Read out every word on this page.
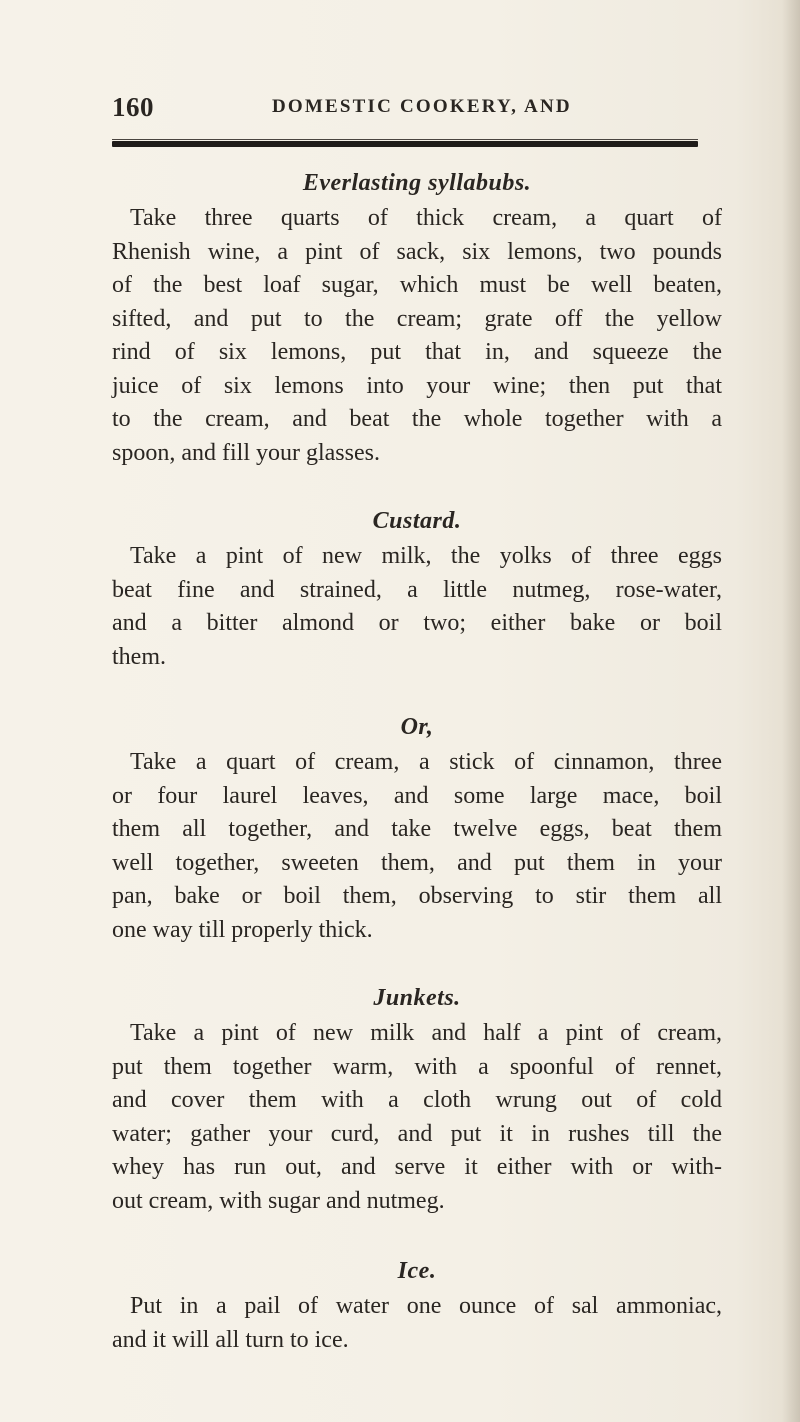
160	DOMESTIC COOKERY, AND
Everlasting syllabubs.
Take three quarts of thick cream, a quart of
Rhenish wine, a pint of sack, six lemons, two pounds
of the best loaf sugar, which must be well beaten,
sifted, and put to the cream; grate off the yellow
rind of six lemons, put that in, and squeeze the
juice of six lemons into your wine; then put that
to the cream, and beat the whole together with a
spoon, and fill your glasses.
Custard.
Take a pint of new milk, the yolks of three eggs
beat fine and strained, a little nutmeg, rose-water,
and a bitter almond or two; either bake or boil
them.
Or,
Take a quart of cream, a stick of cinnamon, three
or four laurel leaves, and some large mace, boil
them all together, and take twelve eggs, beat them
well together, sweeten them, and put them in your
pan, bake or boil them, observing to stir them all
one way till properly thick.
Junkets.
Take a pint of new milk and half a pint of cream,
put them together warm, with a spoonful of rennet,
and cover them with a cloth wrung out of cold
water; gather your curd, and put it in rushes till the
whey has run out, and serve it either with or with-
out cream, with sugar and nutmeg.
Ice.
Put in a pail of water one ounce of sal ammoniac,
and it will all turn to ice.
